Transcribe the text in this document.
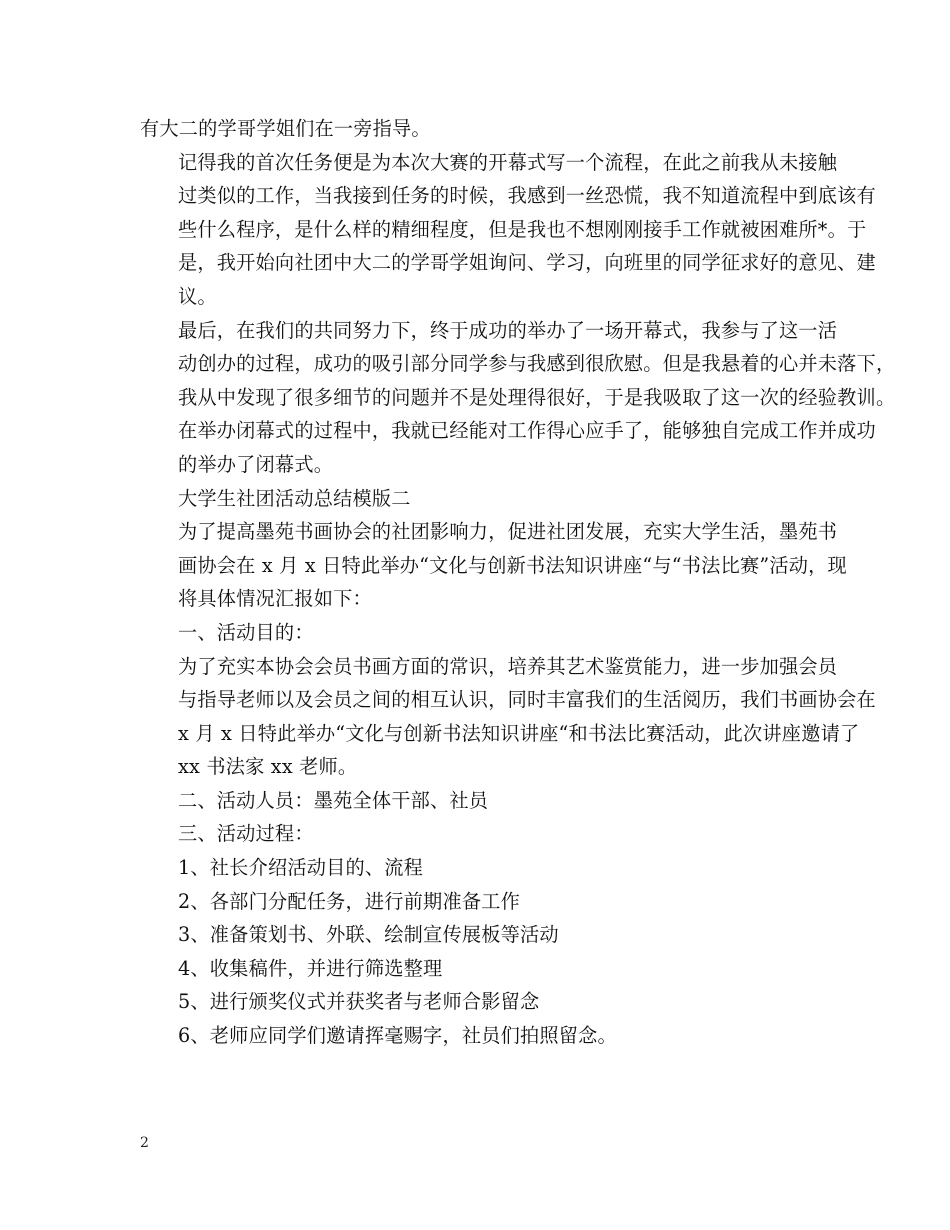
有大二的学哥学姐们在一旁指导。

记得我的首次任务便是为本次大赛的开幕式写一个流程，在此之前我从未接触
过类似的工作，当我接到任务的时候，我感到一丝恐慌，我不知道流程中到底该有
些什么程序，是什么样的精细程度，但是我也不想刚刚接手工作就被困难所*。于
是，我开始向社团中大二的学哥学姐询问、学习，向班里的同学征求好的意见、建
议。

最后，在我们的共同努力下，终于成功的举办了一场开幕式，我参与了这一活
动创办的过程，成功的吸引部分同学参与我感到很欣慰。但是我悬着的心并未落下，
我从中发现了很多细节的问题并不是处理得很好，于是我吸取了这一次的经验教训。
在举办闭幕式的过程中，我就已经能对工作得心应手了，能够独自完成工作并成功
的举办了闭幕式。

大学生社团活动总结模版二

为了提高墨苑书画协会的社团影响力，促进社团发展，充实大学生活，墨苑书
画协会在 x 月 x 日特此举办“文化与创新书法知识讲座“与“书法比赛”活动，现
将具体情况汇报如下：

一、活动目的：

为了充实本协会会员书画方面的常识，培养其艺术鉴赏能力，进一步加强会员
与指导老师以及会员之间的相互认识，同时丰富我们的生活阅历，我们书画协会在
x 月 x 日特此举办“文化与创新书法知识讲座“和书法比赛活动，此次讲座邀请了
xx 书法家 xx 老师。

二、活动人员：墨苑全体干部、社员

三、活动过程：

1、社长介绍活动目的、流程

2、各部门分配任务，进行前期准备工作

3、准备策划书、外联、绘制宣传展板等活动

4、收集稿件，并进行筛选整理

5、进行颁奖仪式并获奖者与老师合影留念

6、老师应同学们邀请挥毫赐字，社员们拍照留念。

2
